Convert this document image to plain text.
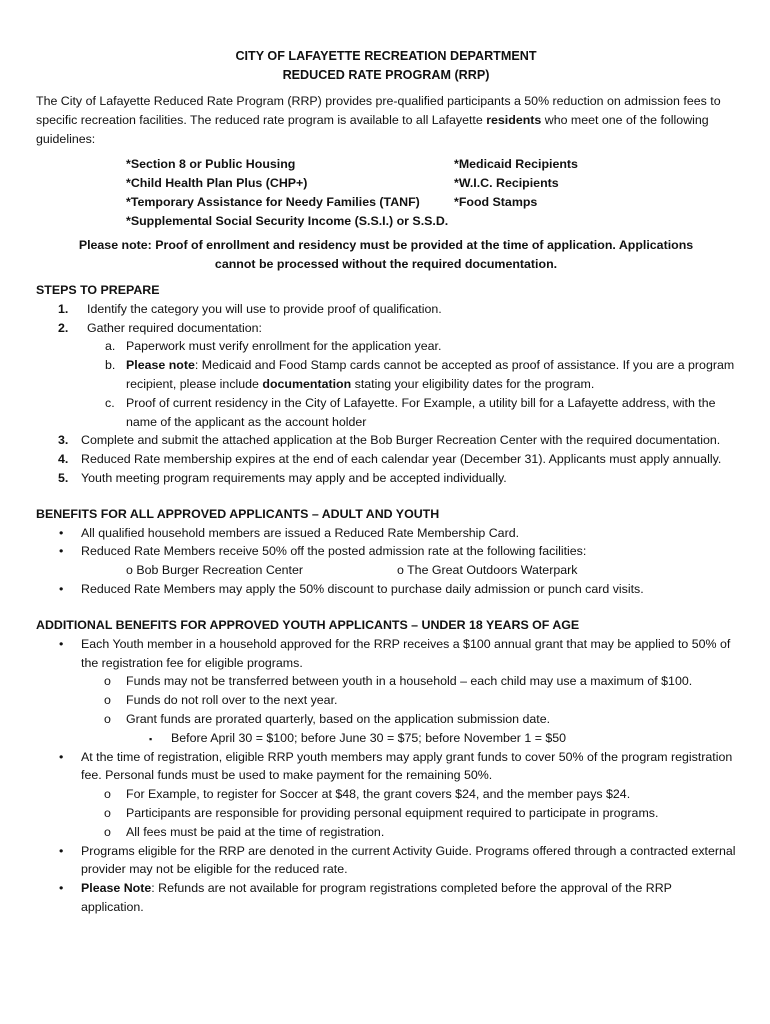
CITY OF LAFAYETTE RECREATION DEPARTMENT
REDUCED RATE PROGRAM (RRP)

The City of Lafayette Reduced Rate Program (RRP) provides pre-qualified participants a 50% reduction on admission fees to specific recreation facilities. The reduced rate program is available to all Lafayette residents who meet one of the following guidelines:

*Section 8 or Public Housing
*Child Health Plan Plus (CHP+)
*Temporary Assistance for Needy Families (TANF)
*Supplemental Social Security Income (S.S.I.) or S.S.D.
*Medicaid Recipients
*W.I.C. Recipients
*Food Stamps
Please note: Proof of enrollment and residency must be provided at the time of application. Applications
cannot be processed without the required documentation.
STEPS TO PREPARE
1.	Identify the category you will use to provide proof of qualification.
2.	Gather required documentation:
a. Paperwork must verify enrollment for the application year.
b. Please note: Medicaid and Food Stamp cards cannot be accepted as proof of assistance. If you are a program recipient, please include documentation stating your eligibility dates for the program.
c. Proof of current residency in the City of Lafayette. For Example, a utility bill for a Lafayette address, with the name of the applicant as the account holder
3.	Complete and submit the attached application at the Bob Burger Recreation Center with the required documentation.
4.	Reduced Rate membership expires at the end of each calendar year (December 31). Applicants must apply annually.
5.	Youth meeting program requirements may apply and be accepted individually.
BENEFITS FOR ALL APPROVED APPLICANTS – ADULT AND YOUTH
•	All qualified household members are issued a Reduced Rate Membership Card.
•	Reduced Rate Members receive 50% off the posted admission rate at the following facilities:
o Bob Burger Recreation Center	o The Great Outdoors Waterpark
•	Reduced Rate Members may apply the 50% discount to purchase daily admission or punch card visits.
ADDITIONAL BENEFITS FOR APPROVED YOUTH APPLICANTS – UNDER 18 YEARS OF AGE
•	Each Youth member in a household approved for the RRP receives a $100 annual grant that may be applied to 50% of the registration fee for eligible programs.
o	Funds may not be transferred between youth in a household – each child may use a maximum of $100.
o	Funds do not roll over to the next year.
o	Grant funds are prorated quarterly, based on the application submission date.
▪	Before April 30 = $100; before June 30 = $75; before November 1 = $50
•	At the time of registration, eligible RRP youth members may apply grant funds to cover 50% of the program registration fee. Personal funds must be used to make payment for the remaining 50%.
o	For Example, to register for Soccer at $48, the grant covers $24, and the member pays $24.
o	Participants are responsible for providing personal equipment required to participate in programs.
o	All fees must be paid at the time of registration.
•	Programs eligible for the RRP are denoted in the current Activity Guide. Programs offered through a contracted external provider may not be eligible for the reduced rate.
•	Please Note: Refunds are not available for program registrations completed before the approval of the RRP application.
